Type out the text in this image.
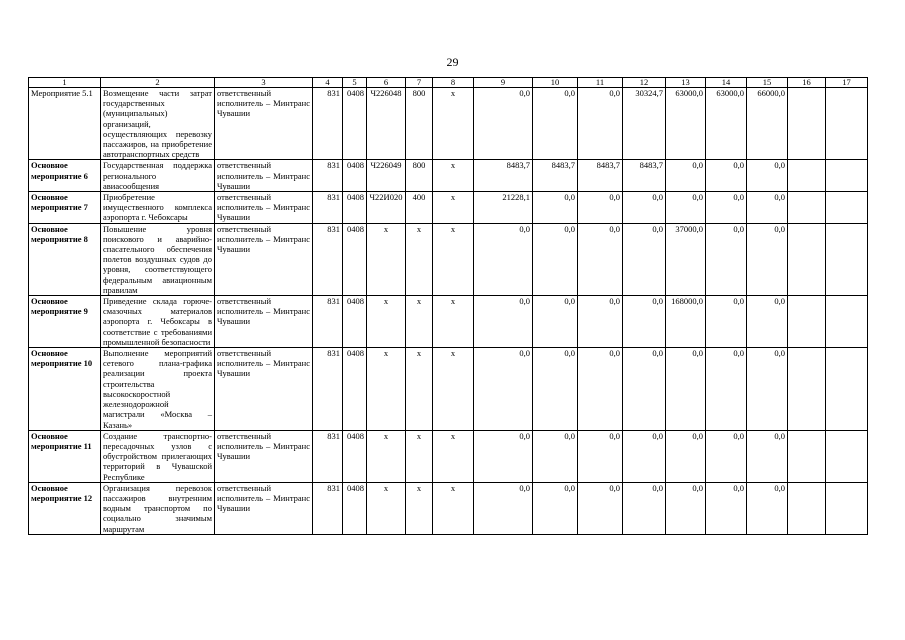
29
1	2	3	4	5	6	7	8	9	10	11	12	13	14	15	16	17
Мероприятие 5.1	Возмещение части затрат государственных (муниципальных) организаций, осуществляющих перевозку пассажиров, на приобретение автотранспортных средств	ответственный исполнитель – Минтранс Чувашии	831	0408	Ч226048	800	х	0,0	0,0	0,0	30324,7	63000,0	63000,0	66000,0		
Основное мероприятие 6	Государственная поддержка регионального авиасообщения	ответственный исполнитель – Минтранс Чувашии	831	0408	Ч226049	800	х	8483,7	8483,7	8483,7	8483,7	0,0	0,0	0,0		
Основное мероприятие 7	Приобретение имущественного комплекса аэропорта г. Чебоксары	ответственный исполнитель – Минтранс Чувашии	831	0408	Ч22И020	400	х	21228,1	0,0	0,0	0,0	0,0	0,0	0,0		
Основное мероприятие 8	Повышение уровня поискового и аварийно-спасательного обеспечения полетов воздушных судов до уровня, соответствующего федеральным авиационным правилам	ответственный исполнитель – Минтранс Чувашии	831	0408	х	х	х	0,0	0,0	0,0	0,0	37000,0	0,0	0,0		
Основное мероприятие 9	Приведение склада горюче-смазочных материалов аэропорта г. Чебоксары в соответствие с требованиями промышленной безопасности	ответственный исполнитель – Минтранс Чувашии	831	0408	х	х	х	0,0	0,0	0,0	0,0	168000,0	0,0	0,0		
Основное мероприятие 10	Выполнение мероприятий сетевого плана-графика реализации проекта строительства высокоскоростной железнодорожной магистрали «Москва – Казань»	ответственный исполнитель – Минтранс Чувашии	831	0408	х	х	х	0,0	0,0	0,0	0,0	0,0	0,0	0,0		
Основное мероприятие 11	Создание транспортно-пересадочных узлов с обустройством прилегающих территорий в Чувашской Республике	ответственный исполнитель – Минтранс Чувашии	831	0408	х	х	х	0,0	0,0	0,0	0,0	0,0	0,0	0,0		
Основное мероприятие 12	Организация перевозок пассажиров внутренним водным транспортом по социально значимым маршрутам	ответственный исполнитель – Минтранс Чувашии	831	0408	х	х	х	0,0	0,0	0,0	0,0	0,0	0,0	0,0		
